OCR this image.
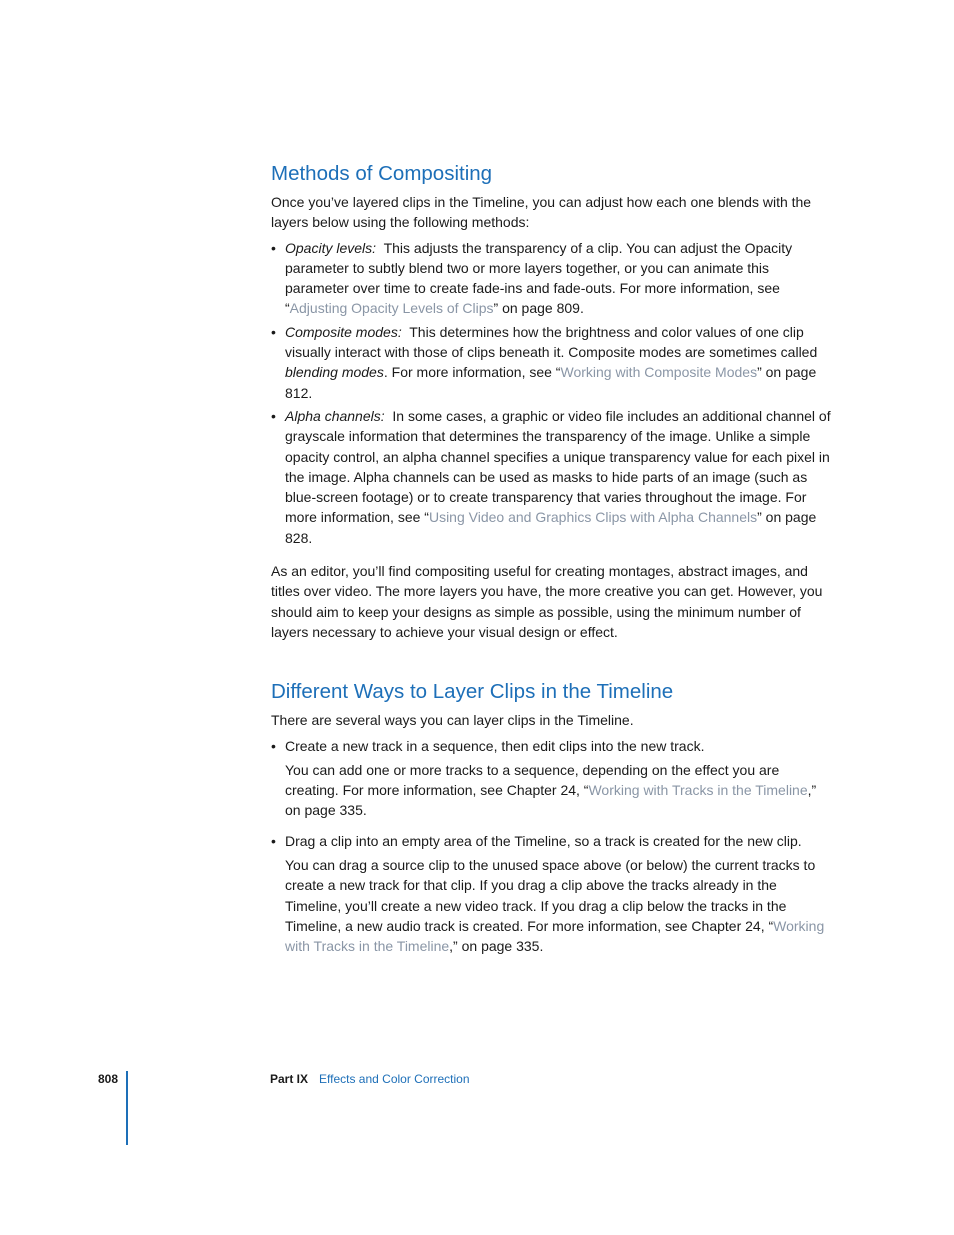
Methods of Compositing

Once you’ve layered clips in the Timeline, you can adjust how each one blends with the layers below using the following methods:

• Opacity levels: This adjusts the transparency of a clip. You can adjust the Opacity parameter to subtly blend two or more layers together, or you can animate this parameter over time to create fade-ins and fade-outs. For more information, see “Adjusting Opacity Levels of Clips” on page 809.
• Composite modes: This determines how the brightness and color values of one clip visually interact with those of clips beneath it. Composite modes are sometimes called blending modes. For more information, see “Working with Composite Modes” on page 812.
• Alpha channels: In some cases, a graphic or video file includes an additional channel of grayscale information that determines the transparency of the image. Unlike a simple opacity control, an alpha channel specifies a unique transparency value for each pixel in the image. Alpha channels can be used as masks to hide parts of an image (such as blue-screen footage) or to create transparency that varies throughout the image. For more information, see “Using Video and Graphics Clips with Alpha Channels” on page 828.

As an editor, you’ll find compositing useful for creating montages, abstract images, and titles over video. The more layers you have, the more creative you can get. However, you should aim to keep your designs as simple as possible, using the minimum number of layers necessary to achieve your visual design or effect.

Different Ways to Layer Clips in the Timeline

There are several ways you can layer clips in the Timeline.

• Create a new track in a sequence, then edit clips into the new track.

You can add one or more tracks to a sequence, depending on the effect you are creating. For more information, see Chapter 24, “Working with Tracks in the Timeline,” on page 335.

• Drag a clip into an empty area of the Timeline, so a track is created for the new clip.

You can drag a source clip to the unused space above (or below) the current tracks to create a new track for that clip. If you drag a clip above the tracks already in the Timeline, you’ll create a new video track. If you drag a clip below the tracks in the Timeline, a new audio track is created. For more information, see Chapter 24, “Working with Tracks in the Timeline,” on page 335.

808	Part IX Effects and Color Correction
